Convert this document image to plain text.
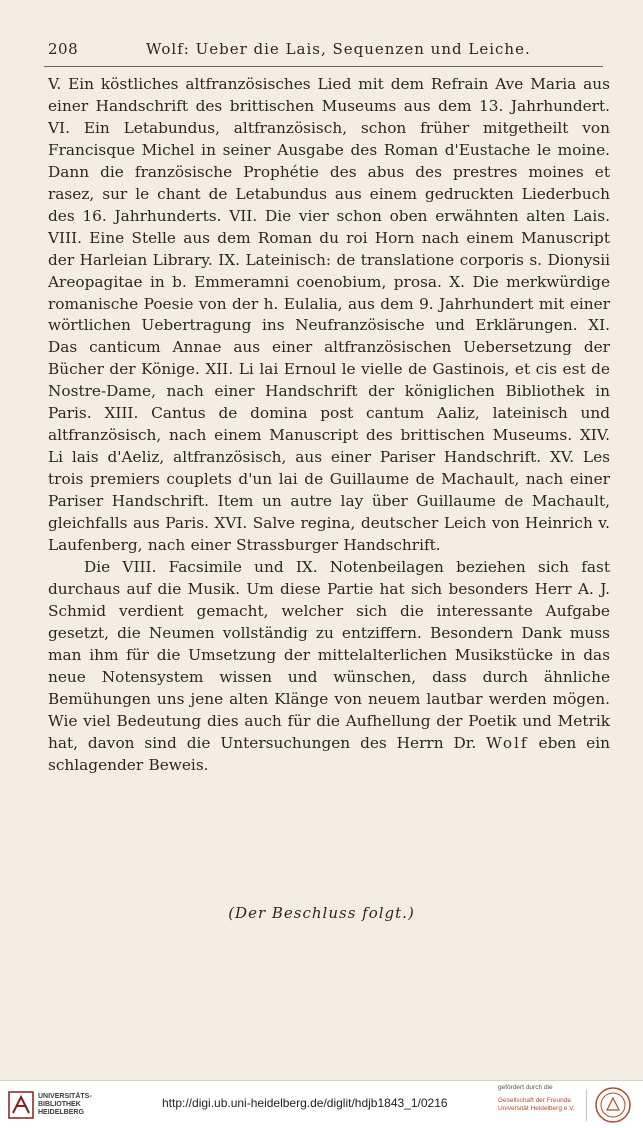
208	Wolf: Ueber die Lais, Sequenzen und Leiche.

V. Ein köstliches altfranzösisches Lied mit dem Refrain Ave Maria aus einer Handschrift des brittischen Museums aus dem 13. Jahrhundert. VI. Ein Letabundus, altfranzösisch, schon früher mitgetheilt von Francisque Michel in seiner Ausgabe des Roman d'Eustache le moine. Dann die französische Prophétie des abus des prestres moines et rasez, sur le chant de Letabundus aus einem gedruckten Liederbuch des 16. Jahrhunderts. VII. Die vier schon oben erwähnten alten Lais. VIII. Eine Stelle aus dem Roman du roi Horn nach einem Manuscript der Harleian Library. IX. Lateinisch: de translatione corporis s. Dionysii Areopagitae in b. Emmeramni coenobium, prosa. X. Die merkwürdige romanische Poesie von der h. Eulalia, aus dem 9. Jahrhundert mit einer wörtlichen Uebertragung ins Neufranzösische und Erklärungen. XI. Das canticum Annae aus einer altfranzösischen Uebersetzung der Bücher der Könige. XII. Li lai Ernoul le vielle de Gastinois, et cis est de Nostre-Dame, nach einer Handschrift der königlichen Bibliothek in Paris. XIII. Cantus de domina post cantum Aaliz, lateinisch und altfranzösisch, nach einem Manuscript des brittischen Museums. XIV. Li lais d'Aeliz, altfranzösisch, aus einer Pariser Handschrift. XV. Les trois premiers couplets d'un lai de Guillaume de Machault, nach einer Pariser Handschrift. Item un autre lay über Guillaume de Machault, gleichfalls aus Paris. XVI. Salve regina, deutscher Leich von Heinrich v. Laufenberg, nach einer Strassburger Handschrift.

Die VIII. Facsimile und IX. Notenbeilagen beziehen sich fast durchaus auf die Musik. Um diese Partie hat sich besonders Herr A. J. Schmid verdient gemacht, welcher sich die interessante Aufgabe gesetzt, die Neumen vollständig zu entziffern. Besondern Dank muss man ihm für die Umsetzung der mittelalterlichen Musikstücke in das neue Notensystem wissen und wünschen, dass durch ähnliche Bemühungen uns jene alten Klänge von neuem lautbar werden mögen. Wie viel Bedeutung dies auch für die Aufhellung der Poetik und Metrik hat, davon sind die Untersuchungen des Herrn Dr. Wolf eben ein schlagender Beweis.

(Der Beschluss folgt.)
UNIVERSITÄTS-BIBLIOTHEK HEIDELBERG
http://digi.ub.uni-heidelberg.de/diglit/hdjb1843_1/0216
gefördert durch die
Gesellschaft der Freunde Universität Heidelberg e.V.
